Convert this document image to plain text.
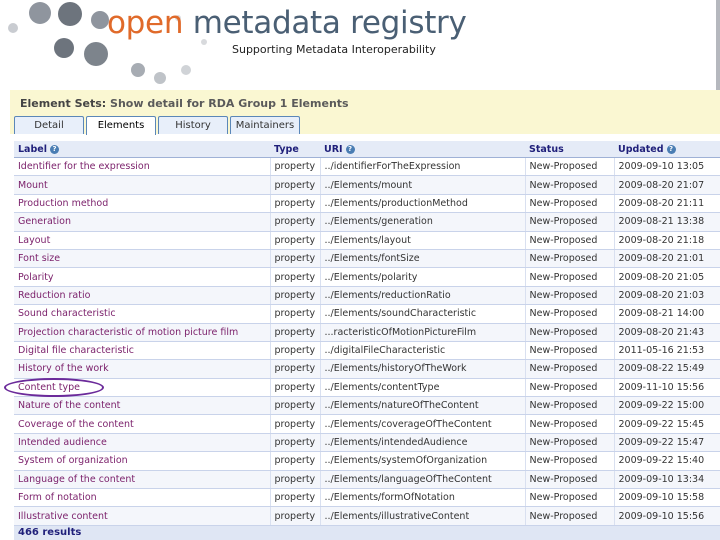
open metadata registry
Supporting Metadata Interoperability
Element Sets: Show detail for RDA Group 1 Elements
Detail	Elements	History	Maintainers
Label ?	Type	URI ?	Status	Updated ?
Identifier for the expression	property	../identifierForTheExpression	New-Proposed	2009-09-10 13:05
Mount	property	../Elements/mount	New-Proposed	2009-08-20 21:07
Production method	property	../Elements/productionMethod	New-Proposed	2009-08-20 21:11
Generation	property	../Elements/generation	New-Proposed	2009-08-21 13:38
Layout	property	../Elements/layout	New-Proposed	2009-08-20 21:18
Font size	property	../Elements/fontSize	New-Proposed	2009-08-20 21:01
Polarity	property	../Elements/polarity	New-Proposed	2009-08-20 21:05
Reduction ratio	property	../Elements/reductionRatio	New-Proposed	2009-08-20 21:03
Sound characteristic	property	../Elements/soundCharacteristic	New-Proposed	2009-08-21 14:00
Projection characteristic of motion picture film	property	...racteristicOfMotionPictureFilm	New-Proposed	2009-08-20 21:43
Digital file characteristic	property	../digitalFileCharacteristic	New-Proposed	2011-05-16 21:53
History of the work	property	../Elements/historyOfTheWork	New-Proposed	2009-08-22 15:49
Content type	property	../Elements/contentType	New-Proposed	2009-11-10 15:56
Nature of the content	property	../Elements/natureOfTheContent	New-Proposed	2009-09-22 15:00
Coverage of the content	property	../Elements/coverageOfTheContent	New-Proposed	2009-09-22 15:45
Intended audience	property	../Elements/intendedAudience	New-Proposed	2009-09-22 15:47
System of organization	property	../Elements/systemOfOrganization	New-Proposed	2009-09-22 15:40
Language of the content	property	../Elements/languageOfTheContent	New-Proposed	2009-09-10 13:34
Form of notation	property	../Elements/formOfNotation	New-Proposed	2009-09-10 15:58
Illustrative content	property	../Elements/illustrativeContent	New-Proposed	2009-09-10 15:56
466 results
